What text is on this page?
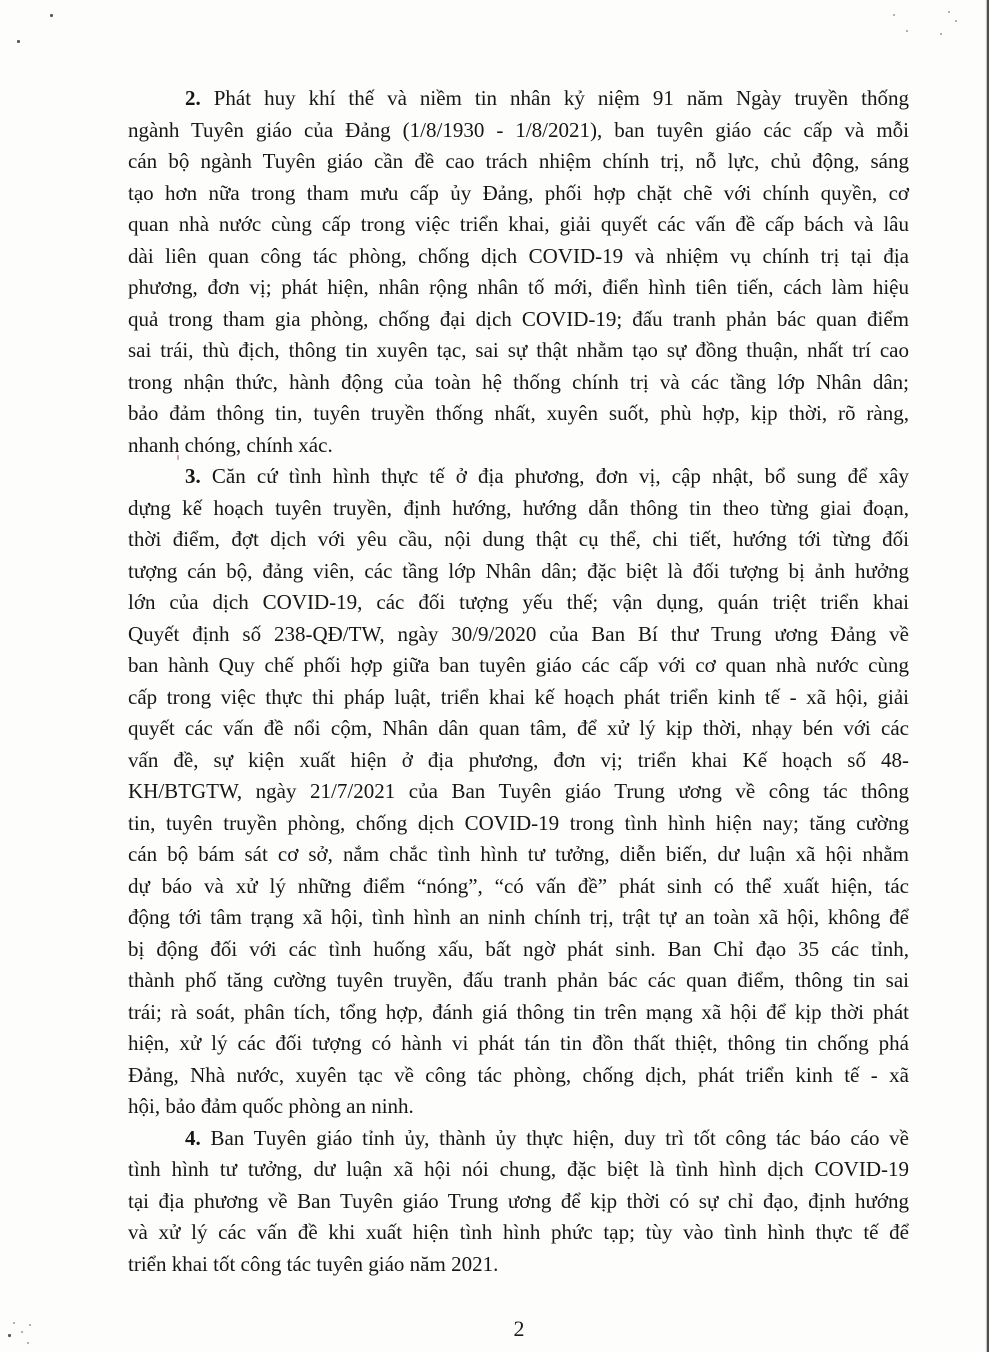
2. Phát huy khí thế và niềm tin nhân kỷ niệm 91 năm Ngày truyền thống
ngành Tuyên giáo của Đảng (1/8/1930 - 1/8/2021), ban tuyên giáo các cấp và mỗi
cán bộ ngành Tuyên giáo cần đề cao trách nhiệm chính trị, nỗ lực, chủ động, sáng
tạo hơn nữa trong tham mưu cấp ủy Đảng, phối hợp chặt chẽ với chính quyền, cơ
quan nhà nước cùng cấp trong việc triển khai, giải quyết các vấn đề cấp bách và lâu
dài liên quan công tác phòng, chống dịch COVID-19 và nhiệm vụ chính trị tại địa
phương, đơn vị; phát hiện, nhân rộng nhân tố mới, điển hình tiên tiến, cách làm hiệu
quả trong tham gia phòng, chống đại dịch COVID-19; đấu tranh phản bác quan điểm
sai trái, thù địch, thông tin xuyên tạc, sai sự thật nhằm tạo sự đồng thuận, nhất trí cao
trong nhận thức, hành động của toàn hệ thống chính trị và các tầng lớp Nhân dân;
bảo đảm thông tin, tuyên truyền thống nhất, xuyên suốt, phù hợp, kịp thời, rõ ràng,
nhanh chóng, chính xác.
3. Căn cứ tình hình thực tế ở địa phương, đơn vị, cập nhật, bổ sung để xây
dựng kế hoạch tuyên truyền, định hướng, hướng dẫn thông tin theo từng giai đoạn,
thời điểm, đợt dịch với yêu cầu, nội dung thật cụ thể, chi tiết, hướng tới từng đối
tượng cán bộ, đảng viên, các tầng lớp Nhân dân; đặc biệt là đối tượng bị ảnh hưởng
lớn của dịch COVID-19, các đối tượng yếu thế; vận dụng, quán triệt triển khai
Quyết định số 238-QĐ/TW, ngày 30/9/2020 của Ban Bí thư Trung ương Đảng về
ban hành Quy chế phối hợp giữa ban tuyên giáo các cấp với cơ quan nhà nước cùng
cấp trong việc thực thi pháp luật, triển khai kế hoạch phát triển kinh tế - xã hội, giải
quyết các vấn đề nổi cộm, Nhân dân quan tâm, để xử lý kịp thời, nhạy bén với các
vấn đề, sự kiện xuất hiện ở địa phương, đơn vị; triển khai Kế hoạch số 48-
KH/BTGTW, ngày 21/7/2021 của Ban Tuyên giáo Trung ương về công tác thông
tin, tuyên truyền phòng, chống dịch COVID-19 trong tình hình hiện nay; tăng cường
cán bộ bám sát cơ sở, nắm chắc tình hình tư tưởng, diễn biến, dư luận xã hội nhằm
dự báo và xử lý những điểm “nóng”, “có vấn đề” phát sinh có thể xuất hiện, tác
động tới tâm trạng xã hội, tình hình an ninh chính trị, trật tự an toàn xã hội, không để
bị động đối với các tình huống xấu, bất ngờ phát sinh. Ban Chỉ đạo 35 các tỉnh,
thành phố tăng cường tuyên truyền, đấu tranh phản bác các quan điểm, thông tin sai
trái; rà soát, phân tích, tổng hợp, đánh giá thông tin trên mạng xã hội để kịp thời phát
hiện, xử lý các đối tượng có hành vi phát tán tin đồn thất thiệt, thông tin chống phá
Đảng, Nhà nước, xuyên tạc về công tác phòng, chống dịch, phát triển kinh tế - xã
hội, bảo đảm quốc phòng an ninh.
4. Ban Tuyên giáo tỉnh ủy, thành ủy thực hiện, duy trì tốt công tác báo cáo về
tình hình tư tưởng, dư luận xã hội nói chung, đặc biệt là tình hình dịch COVID-19
tại địa phương về Ban Tuyên giáo Trung ương để kịp thời có sự chỉ đạo, định hướng
và xử lý các vấn đề khi xuất hiện tình hình phức tạp; tùy vào tình hình thực tế để
triển khai tốt công tác tuyên giáo năm 2021.
2
